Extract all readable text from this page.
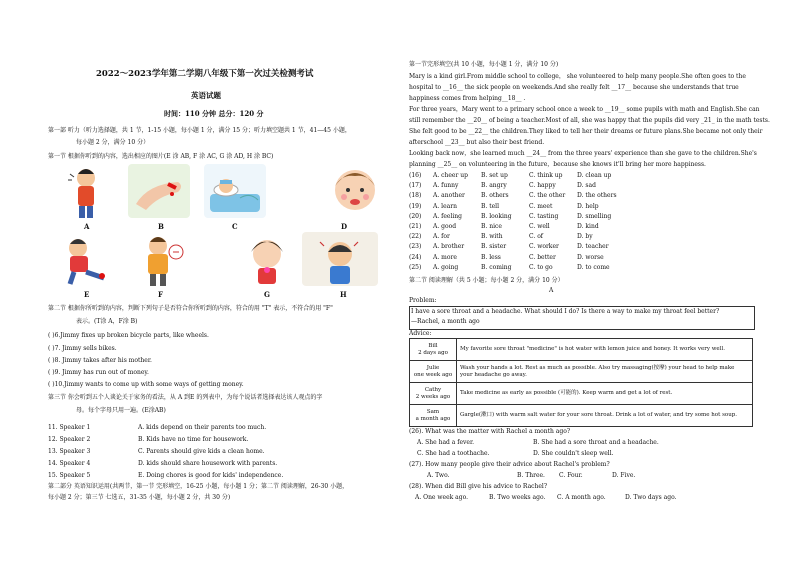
2022～2023学年第二学期八年级下第一次过关检测考试
英语试题
时间：110 分钟 总分：120 分
第一部 听力（听力选择题，共 1 节，1-15 小题，每小题 1 分，满分 15 分；听力填空题共 1 节，41—45 小题，
每小题 2 分，满分 10 分）
第一节 根据你听到的内容，选出相应的图片(E 涂 AB, F 涂 AC, G 涂 AD, H 涂 BC)
A	B	C	D
E	F	G	H
第二节 根据你所听到的内容，判断下列句子是否符合你所听到的内容，符合的用 "T" 表示，不符合的用 "F"
表示。(T涂 A，F涂 B)
( )6.Jimmy fixes up broken bicycle parts, like wheels.
( )7. Jimmy sells bikes.
( )8. Jimmy takes after his mother.
( )9. Jimmy has run out of money.
( )10.Jimmy wants to come up with some ways of getting money.
第三节 你会听到五个人谈论关于家务的看法，从 A 到E 的列表中，为每个说话者选择表达该人观点的字
母。每个字母只用一遍。(E涂AB)
11. Speaker 1
12. Speaker 2
13. Speaker 3
14. Speaker 4
15. Speaker 5
A. kids depend on their parents too much.
B. Kids have no time for housework.
C. Parents should give kids a clean home.
D. kids should share housework with parents.
E. Doing chores is good for kids' independence.
第二部分 英语知识运用(共两节，第一节 完形填空，16-25 小题，每小题 1 分；第二节 阅读理解，26-30 小题，
每小题 2 分；第三节 七选五，31-35 小题，每小题 2 分，共 30 分)
第一节完形填空(共 10 小题，每小题 1 分，满分 10 分)
Mary is a kind girl.From middle school to college， she volunteered to help many people.She often goes to the
hospital to __16__ the sick people on weekends.And she really felt __17__ because she understands that true
happiness comes from helping__18__ .
For three years，Mary went to a primary school once a week to __19__ some pupils with math and English.She can
still remember the __20__ of being a teacher.Most of all, she was happy that the pupils did very _21_ in the math tests.
She felt good to be __22__ the children.They liked to tell her their dreams or future plans.She became not only their
afterschool __23__ but also their best friend.
Looking back now，she learned much __24__ from the three years' experience than she gave to the children.She's
planning __25__ on volunteering in the future，because she knows it'll bring her more happiness.
(16) A. cheer up B. set up	C. think up D. clean up
(17) A. funny	B. angry	C. happy	D. sad
(18) A. another	B. others	C. the other D. the others
(19) A. learn	B. tell	C. meet	D. help
(20) A. feeling	B. looking	C. tasting	D. smelling
(21) A. good	B. nice	C. well	D. kind
(22) A. for	B. with	C. of	D. by
(23) A. brother	B. sister	C. worker	D. teacher
(24) A. more	B. less	C. better	D. worse
(25) A. going	B. coming	C. to go	D. to come
第二节 阅读理解（共 5 小题；每小题 2 分，满分 10 分）
A
Problem:
I have a sore throat and a headache. What should I do? Is there a way to make my throat feel better?
—Rachel, a month ago
Advice:
Bill
2 days ago	My favorite sore throat "medicine" is hot water with lemon juice and honey. It works very well.
Julie
one week ago	Wash your hands a lot. Rest as much as possible. Also try massaging(按摩) your head to help make
your headache go away.
Cathy
2 weeks ago	Take medicine as early as possible (可能的). Keep warm and get a lot of rest.
Sam
a month ago	Gargle(漱口) with warm salt water for your sore throat. Drink a lot of water, and try some hot soup.
(26). What was the matter with Rachel a month ago?
A. She had a fever.	B. She had a sore throat and a headache.
C. She had a toothache.	D. She couldn't sleep well.
(27). How many people give their advice about Rachel's problem?
A. Two.	B. Three. C. Four.	D. Five.
(28). When did Bill give his advice to Rachel?
A. One week ago.	B. Two weeks ago. C. A month ago.	D. Two days ago.
